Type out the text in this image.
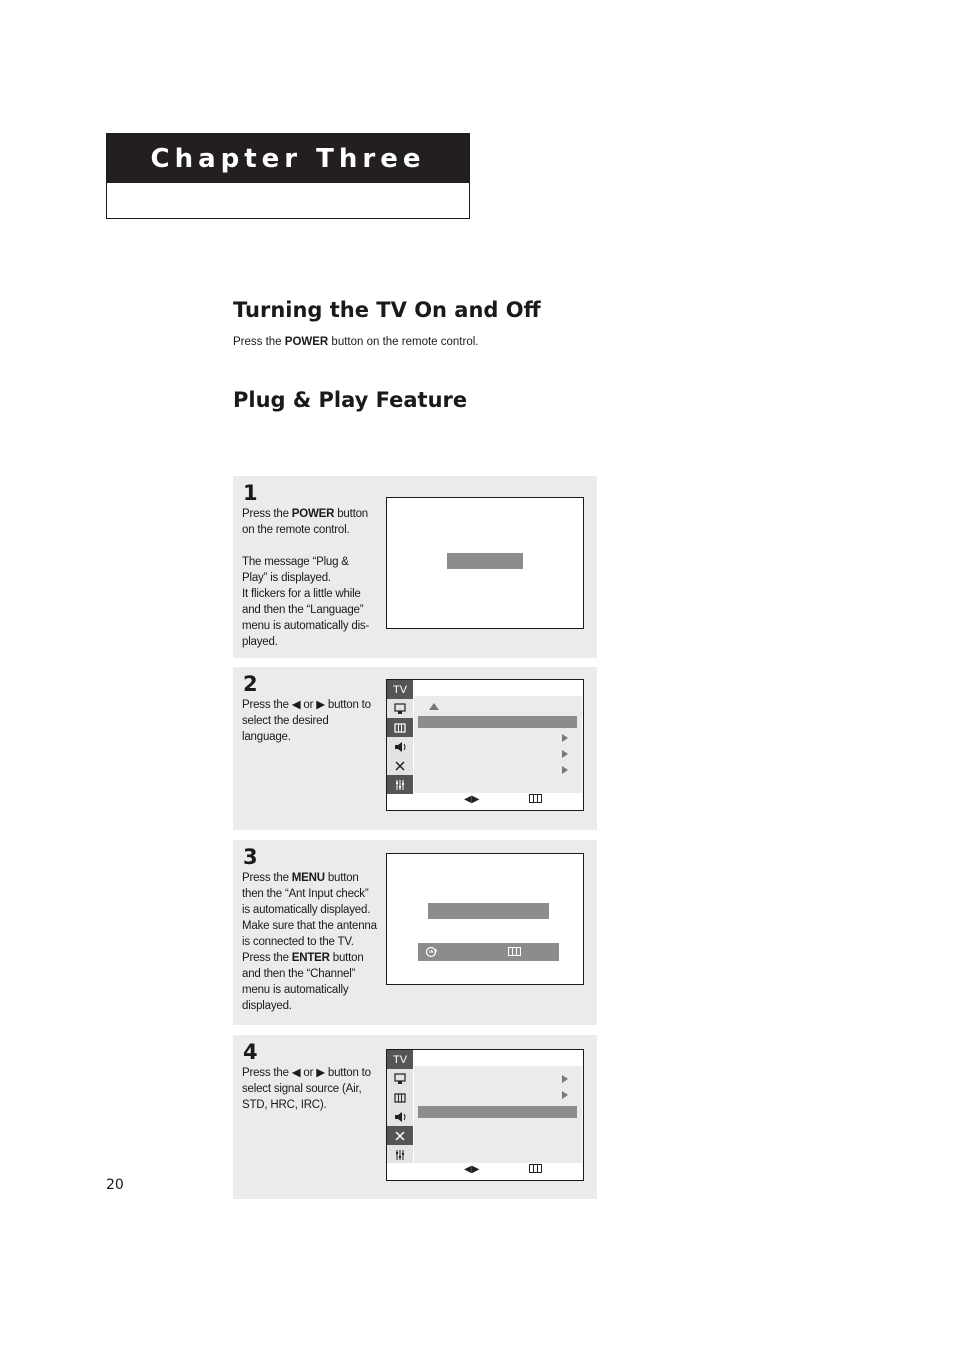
Chapter Three
Turning the TV On and Off
Press the POWER button on the remote control.
Plug & Play Feature
1
Press the POWER button
on the remote control.
The message “Plug &
Play” is displayed.
It flickers for a little while
and then the “Language”
menu is automatically dis-
played.
2
Press the ◀ or ▶ button to
select the desired
language.
TV
◀▶
3
Press the MENU button
then the “Ant Input check”
is automatically displayed.
Make sure that the antenna
is connected to the TV.
Press the ENTER button
and then the “Channel”
menu is automatically
displayed.
4
Press the ◀ or ▶ button to
select signal source (Air,
STD, HRC, IRC).
TV
◀▶
20
